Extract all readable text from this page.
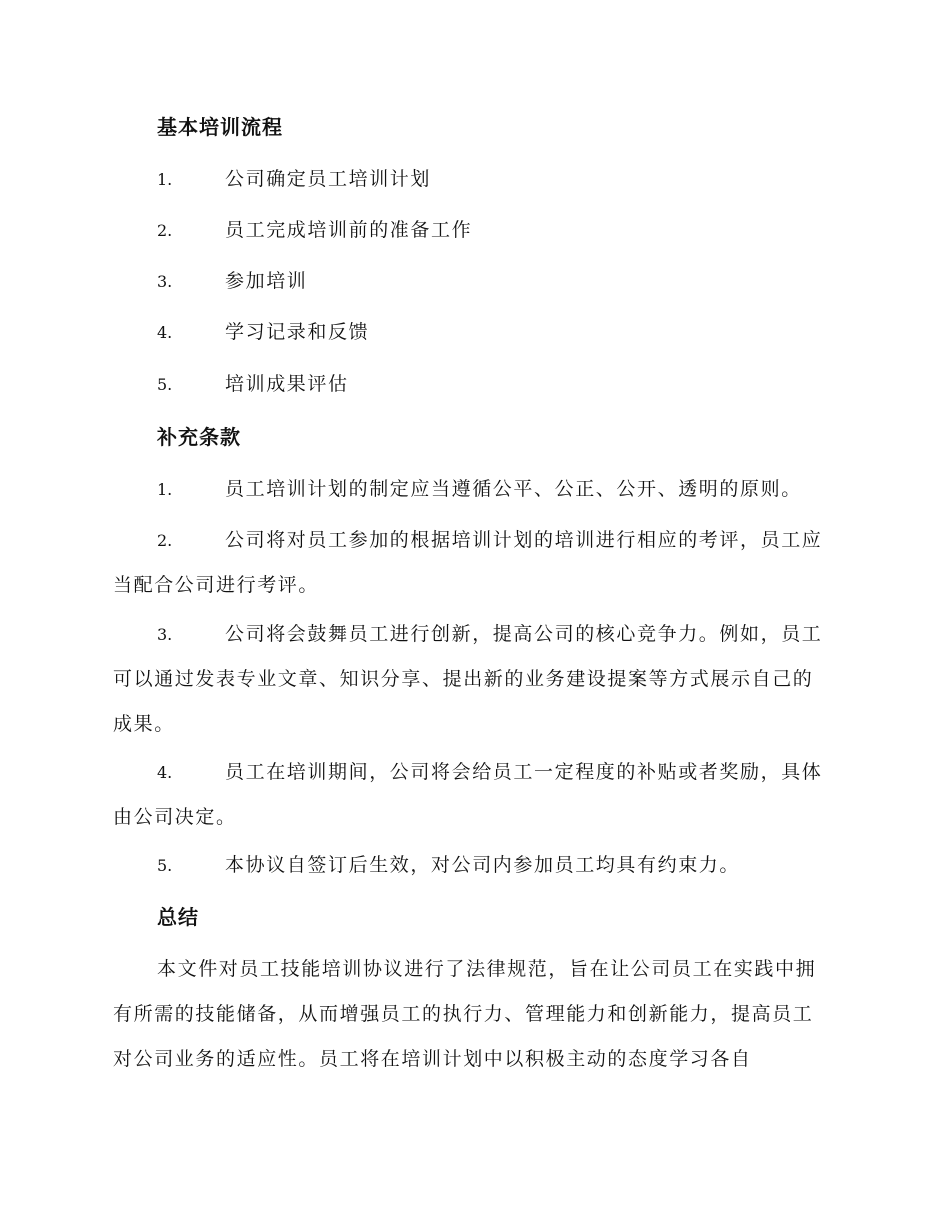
基本培训流程
1.	公司确定员工培训计划
2.	员工完成培训前的准备工作
3.	参加培训
4.	学习记录和反馈
5.	培训成果评估
补充条款
1.	员工培训计划的制定应当遵循公平、公正、公开、透明的原则。
2.	公司将对员工参加的根据培训计划的培训进行相应的考评，员工应当配合公司进行考评。
3.	公司将会鼓舞员工进行创新，提高公司的核心竞争力。例如，员工可以通过发表专业文章、知识分享、提出新的业务建设提案等方式展示自己的成果。
4.	员工在培训期间，公司将会给员工一定程度的补贴或者奖励，具体由公司决定。
5.	本协议自签订后生效，对公司内参加员工均具有约束力。
总结

本文件对员工技能培训协议进行了法律规范，旨在让公司员工在实践中拥有所需的技能储备，从而增强员工的执行力、管理能力和创新能力，提高员工对公司业务的适应性。员工将在培训计划中以积极主动的态度学习各自
